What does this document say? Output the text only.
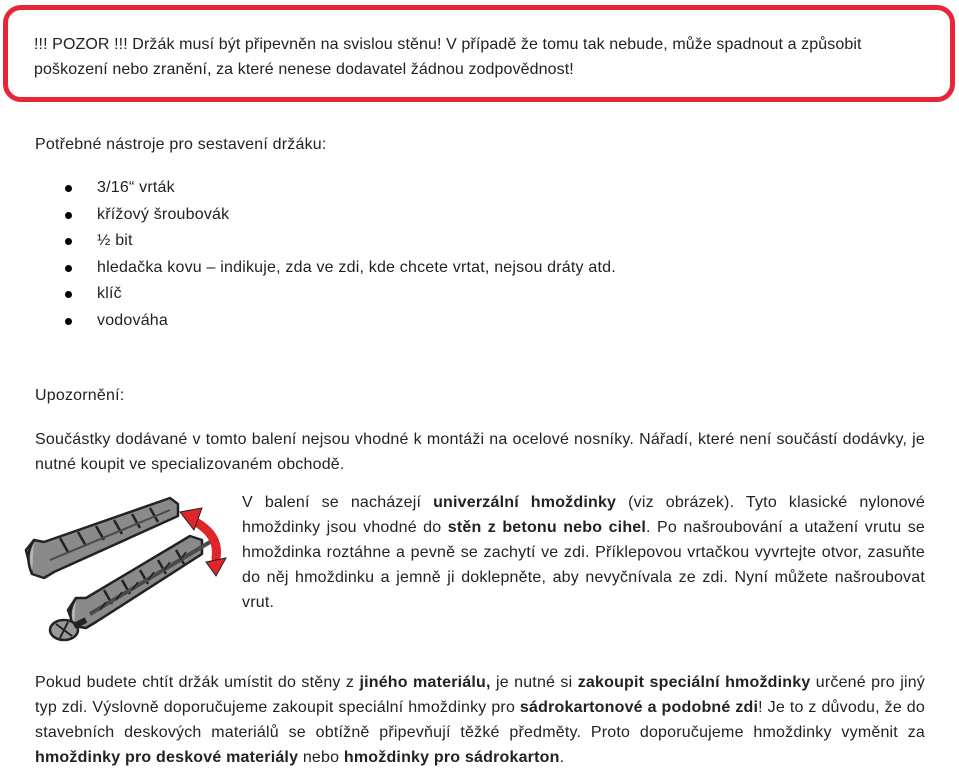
!!! POZOR !!! Držák musí být připevněn na svislou stěnu! V případě že tomu tak nebude, může spadnout a způsobit poškození nebo zranění, za které nenese dodavatel žádnou zodpovědnost!

Potřebné nástroje pro sestavení držáku:
3/16“ vrták
křížový šroubovák
½ bit
hledačka kovu – indikuje, zda ve zdi, kde chcete vrtat, nejsou dráty atd.
klíč
vodováha
Upozornění:

Součástky dodávané v tomto balení nejsou vhodné k montáži na ocelové nosníky. Nářadí, které není součástí dodávky, je nutné koupit ve specializovaném obchodě.

V balení se nacházejí univerzální hmoždinky (viz obrázek). Tyto klasické nylonové hmoždinky jsou vhodné do stěn z betonu nebo cihel. Po našroubování a utažení vrutu se hmoždinka roztáhne a pevně se zachytí ve zdi. Příklepovou vrtačkou vyvrtejte otvor, zasuňte do něj hmoždinku a jemně ji doklepněte, aby nevyčnívala ze zdi. Nyní můžete našroubovat vrut.

Pokud budete chtít držák umístit do stěny z jiného materiálu, je nutné si zakoupit speciální hmoždinky určené pro jiný typ zdi. Výslovně doporučujeme zakoupit speciální hmoždinky pro sádrokartonové a podobné zdi! Je to z důvodu, že do stavebních deskových materiálů se obtížně připevňují těžké předměty. Proto doporučujeme hmoždinky vyměnit za hmoždinky pro deskové materiály nebo hmoždinky pro sádrokarton.
